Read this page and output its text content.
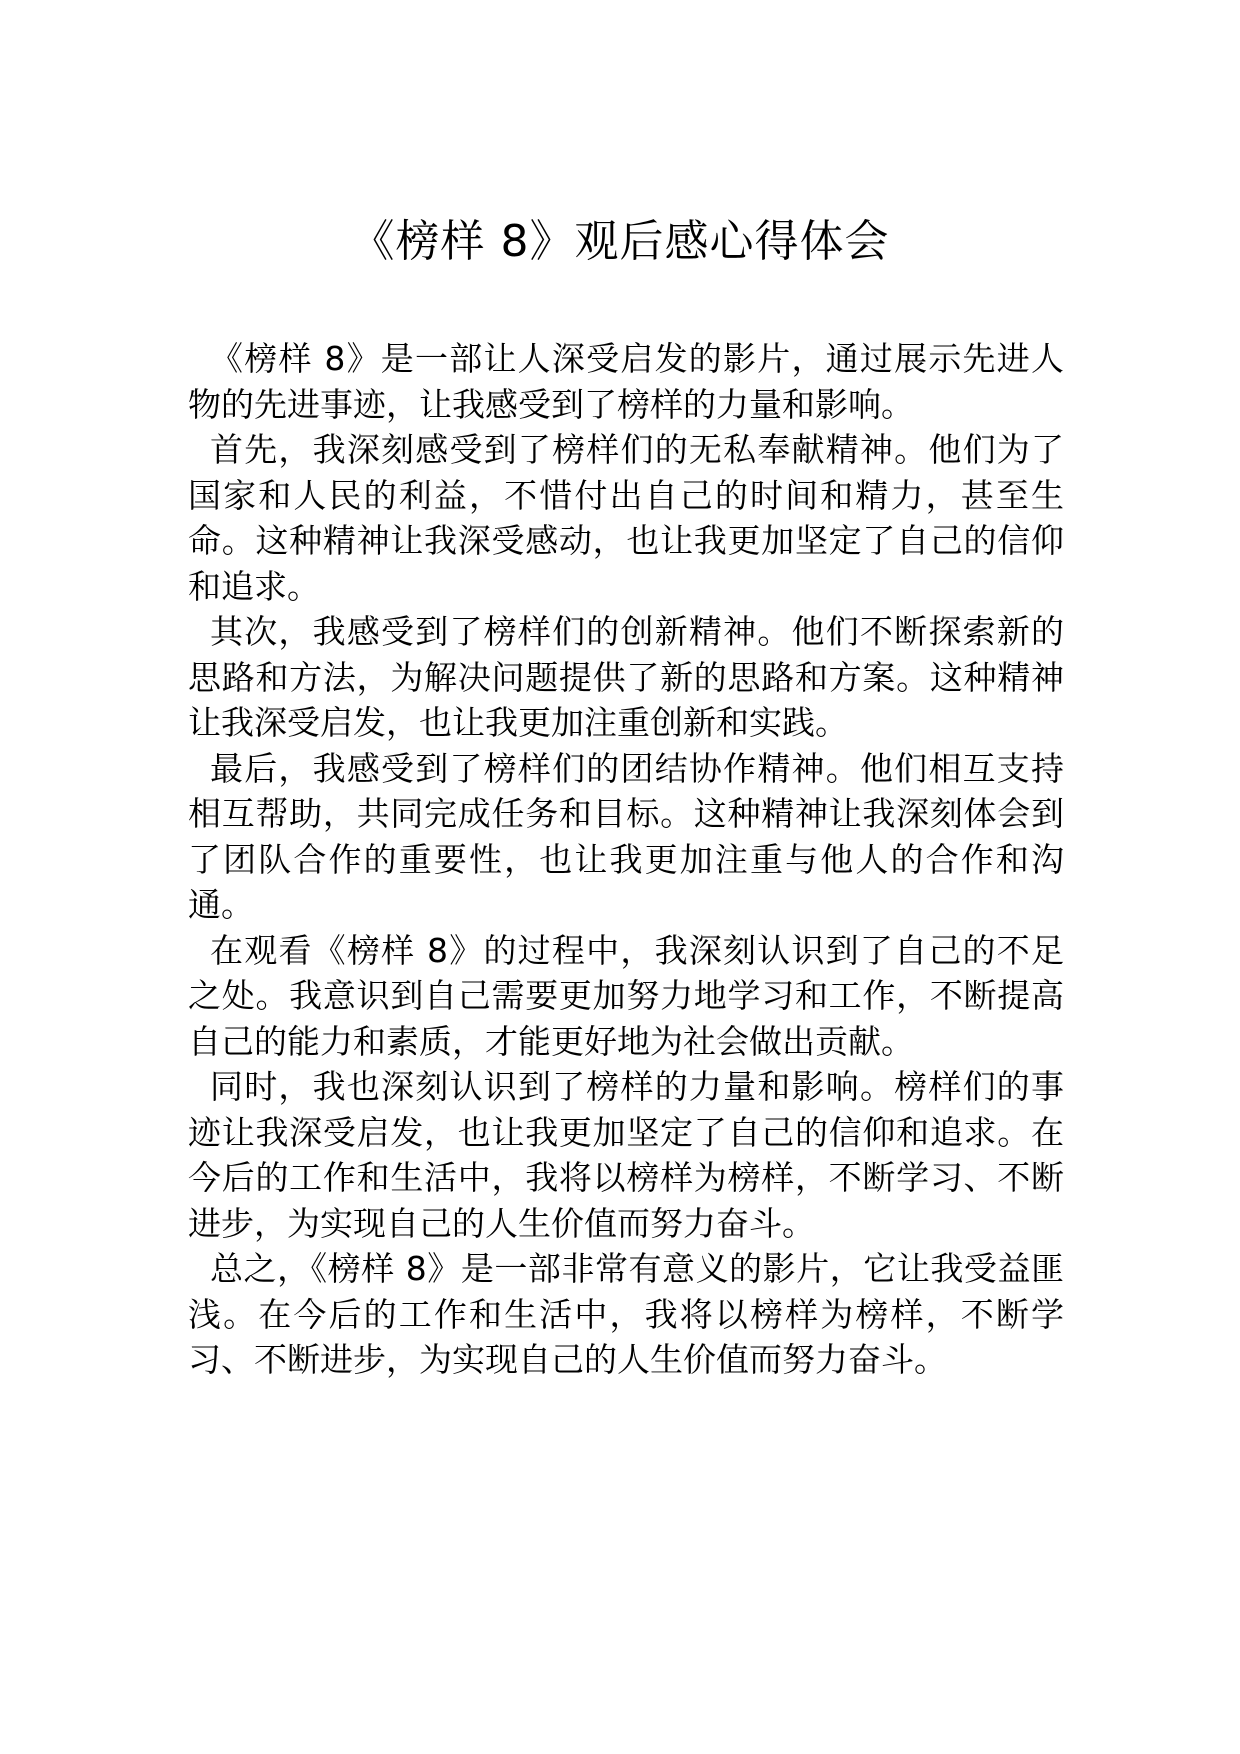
《榜样 8》观后感心得体会

《榜样 8》是一部让人深受启发的影片，通过展示先进人物的先进事迹，让我感受到了榜样的力量和影响。

首先，我深刻感受到了榜样们的无私奉献精神。他们为了国家和人民的利益，不惜付出自己的时间和精力，甚至生命。这种精神让我深受感动，也让我更加坚定了自己的信仰和追求。

其次，我感受到了榜样们的创新精神。他们不断探索新的思路和方法，为解决问题提供了新的思路和方案。这种精神让我深受启发，也让我更加注重创新和实践。

最后，我感受到了榜样们的团结协作精神。他们相互支持相互帮助，共同完成任务和目标。这种精神让我深刻体会到了团队合作的重要性，也让我更加注重与他人的合作和沟通。

在观看《榜样 8》的过程中，我深刻认识到了自己的不足之处。我意识到自己需要更加努力地学习和工作，不断提高自己的能力和素质，才能更好地为社会做出贡献。

同时，我也深刻认识到了榜样的力量和影响。榜样们的事迹让我深受启发，也让我更加坚定了自己的信仰和追求。在今后的工作和生活中，我将以榜样为榜样，不断学习、不断进步，为实现自己的人生价值而努力奋斗。

总之，《榜样 8》是一部非常有意义的影片，它让我受益匪浅。在今后的工作和生活中，我将以榜样为榜样，不断学习、不断进步，为实现自己的人生价值而努力奋斗。
